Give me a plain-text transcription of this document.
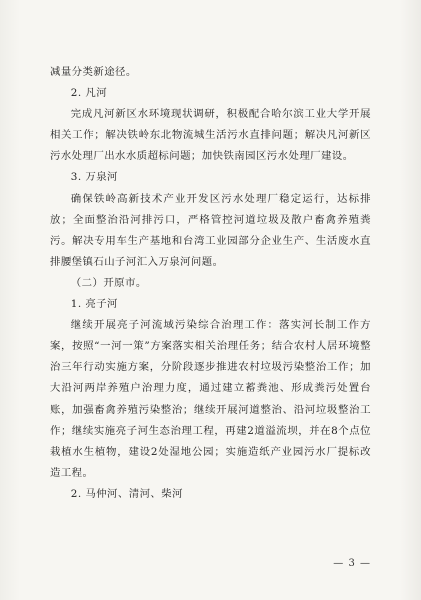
减量分类新途径。

2. 凡河

完成凡河新区水环境现状调研，积极配合哈尔滨工业大学开展相关工作；解决铁岭东北物流城生活污水直排问题；解决凡河新区污水处理厂出水水质超标问题；加快铁南园区污水处理厂建设。

3. 万泉河

确保铁岭高新技术产业开发区污水处理厂稳定运行，达标排放；全面整治沿河排污口，严格管控河道垃圾及散户畜禽养殖粪污。解决专用车生产基地和台湾工业园部分企业生产、生活废水直排腰堡镇石山子河汇入万泉河问题。

（二）开原市。

1. 亮子河

继续开展亮子河流域污染综合治理工作：落实河长制工作方案，按照“一河一策”方案落实相关治理任务；结合农村人居环境整治三年行动实施方案，分阶段逐步推进农村垃圾污染整治工作；加大沿河两岸养殖户治理力度，通过建立蓄粪池、形成粪污处置台账，加强畜禽养殖污染整治；继续开展河道整治、沿河垃圾整治工作；继续实施亮子河生态治理工程，再建2道溢流坝，并在8个点位栽植水生植物，建设2处湿地公园；实施造纸产业园污水厂提标改造工程。

2. 马仲河、清河、柴河

— 3 —
